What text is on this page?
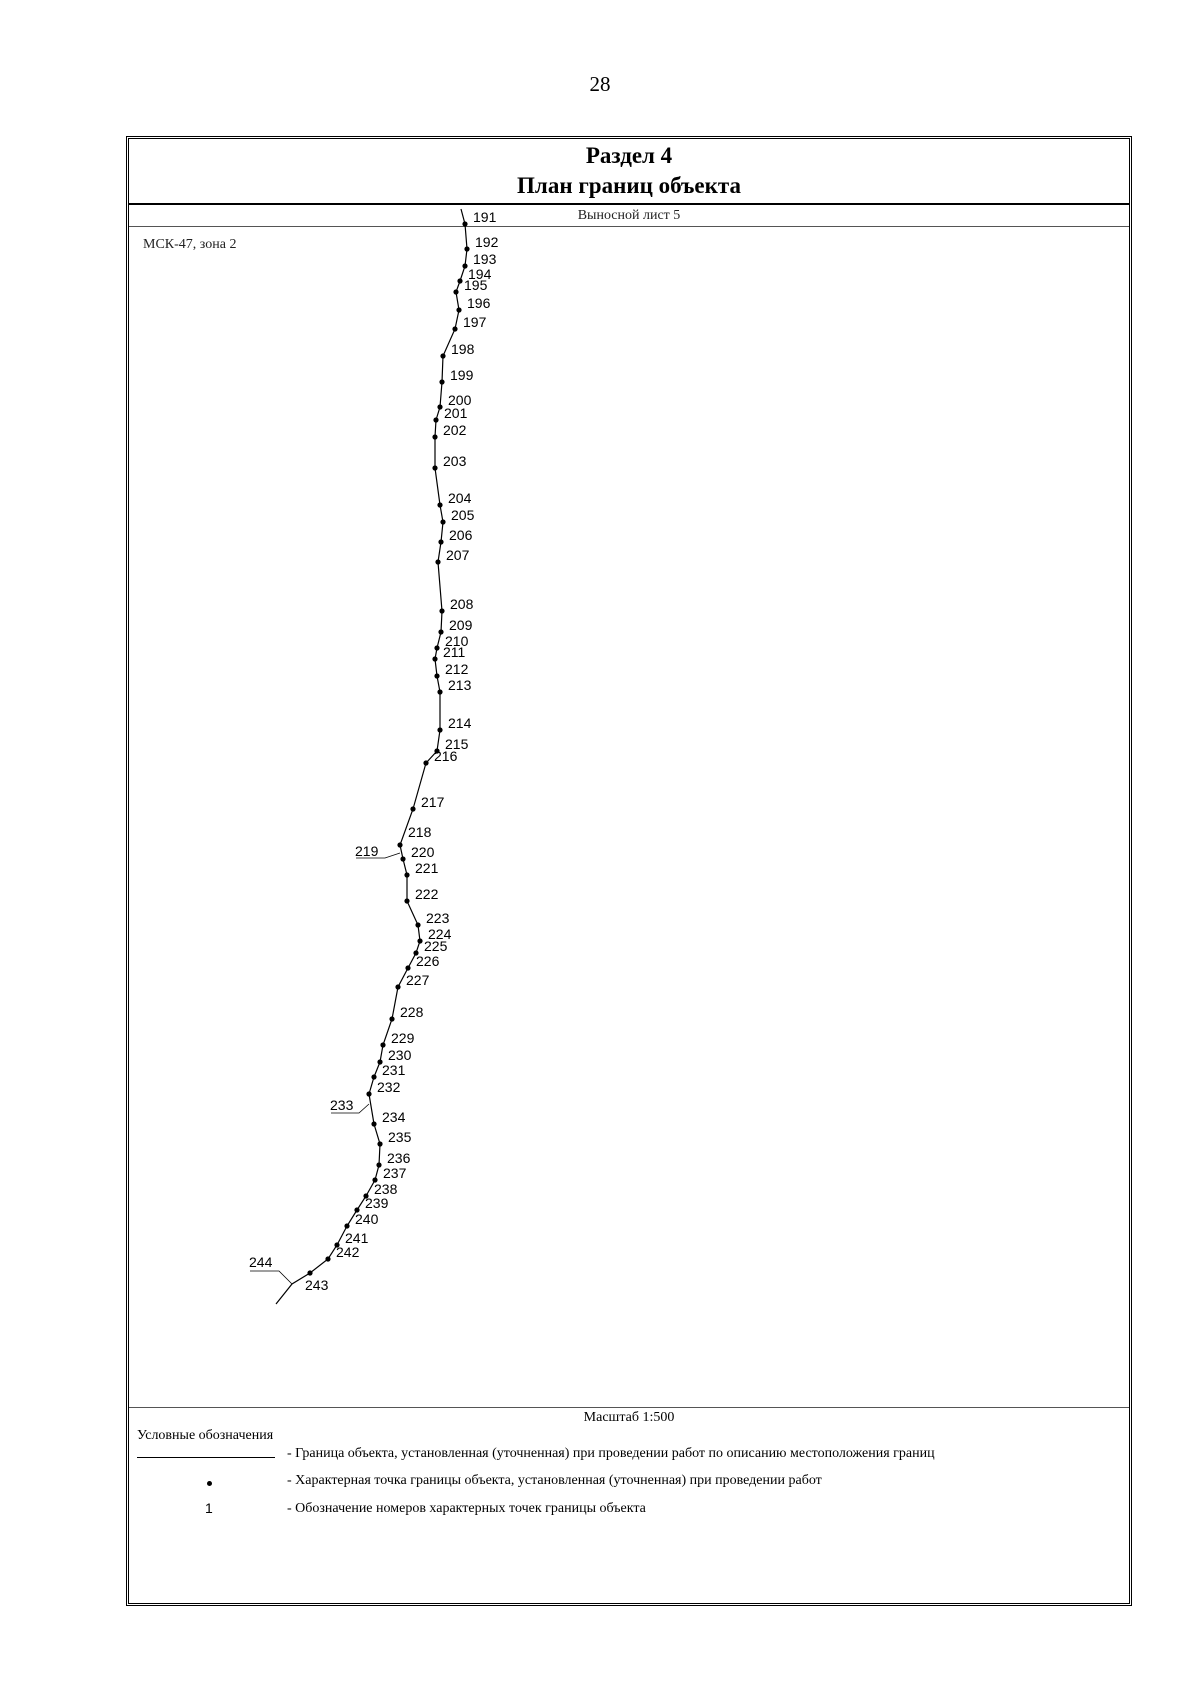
28
Раздел 4
План границ объекта
Выносной лист 5
МСК-47, зона 2
191
192
193
194
195
196
197
198
199
200
201
202
203
204
205
206
207
208
209
210
211
212
213
214
215
216
217
218
219 220
221
222
223
224
225
226
227
228
229
230
231
232
233
234
235
236
237
238
239
240
241
242
243
244
Масштаб 1:500
Условные обозначения
- Граница объекта, установленная (уточненная) при проведении работ по описанию местоположения границ
- Характерная точка границы объекта, установленная (уточненная) при проведении работ
1	- Обозначение номеров характерных точек границы объекта
